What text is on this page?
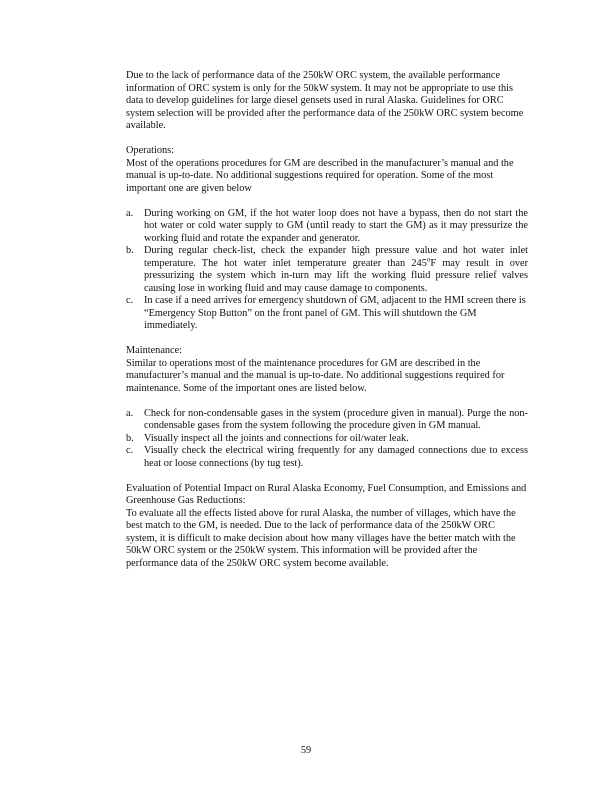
Due to the lack of performance data of the 250kW ORC system, the available performance information of ORC system is only for the 50kW system. It may not be appropriate to use this data to develop guidelines for large diesel gensets used in rural Alaska. Guidelines for ORC system selection will be provided after the performance data of the 250kW ORC system become available.

Operations:

Most of the operations procedures for GM are described in the manufacturer’s manual and the manual is up-to-date. No additional suggestions required for operation. Some of the most important one are given below

a.	During working on GM, if the hot water loop does not have a bypass, then do not start the hot water or cold water supply to GM (until ready to start the GM) as it may pressurize the working fluid and rotate the expander and generator.
b. During regular check-list, check the expander high pressure value and hot water inlet temperature. The hot water inlet temperature greater than 245$^o$F may result in over pressurizing the system which in-turn may lift the working fluid pressure relief valves causing lose in working fluid and may cause damage to components.
c.	In case if a need arrives for emergency shutdown of GM, adjacent to the HMI screen there is “Emergency Stop Button” on the front panel of GM. This will shutdown the GM immediately.

Maintenance:

Similar to operations most of the maintenance procedures for GM are described in the manufacturer’s manual and the manual is up-to-date. No additional suggestions required for maintenance. Some of the important ones are listed below.

a.	Check for non-condensable gases in the system (procedure given in manual). Purge the non-condensable gases from the system following the procedure given in GM manual.
b. Visually inspect all the joints and connections for oil/water leak.
c.	Visually check the electrical wiring frequently for any damaged connections due to excess heat or loose connections (by tug test).

Evaluation of Potential Impact on Rural Alaska Economy, Fuel Consumption, and Emissions and Greenhouse Gas Reductions:

To evaluate all the effects listed above for rural Alaska, the number of villages, which have the best match to the GM, is needed. Due to the lack of performance data of the 250kW ORC system, it is difficult to make decision about how many villages have the better match with the 50kW ORC system or the 250kW system. This information will be provided after the performance data of the 250kW ORC system become available.

59
